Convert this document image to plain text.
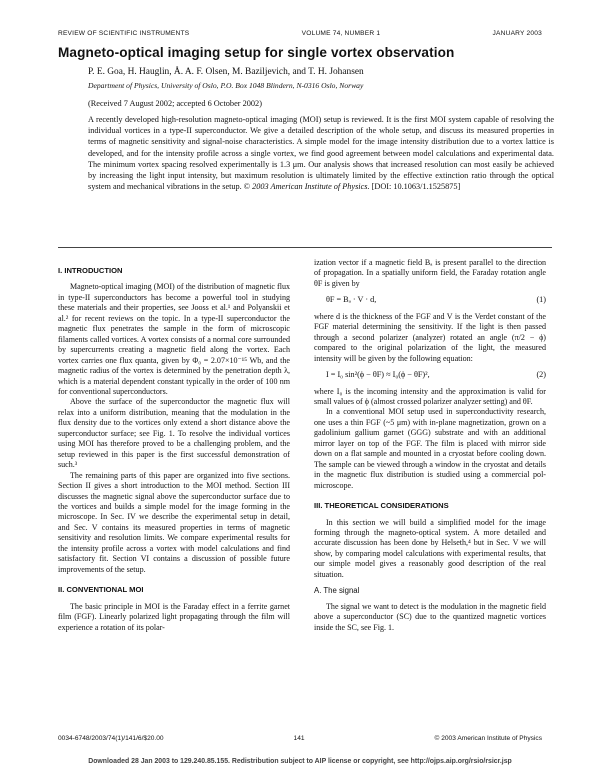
REVIEW OF SCIENTIFIC INSTRUMENTS	VOLUME 74, NUMBER 1	JANUARY 2003
Magneto-optical imaging setup for single vortex observation
P. E. Goa, H. Hauglin, Å. A. F. Olsen, M. Baziljevich, and T. H. Johansen
Department of Physics, University of Oslo, P.O. Box 1048 Blindern, N-0316 Oslo, Norway
(Received 7 August 2002; accepted 6 October 2002)
A recently developed high-resolution magneto-optical imaging (MOI) setup is reviewed. It is the first MOI system capable of resolving the individual vortices in a type-II superconductor. We give a detailed description of the whole setup, and discuss its measured properties in terms of magnetic sensitivity and signal-noise characteristics. A simple model for the image intensity distribution due to a vortex lattice is developed, and for the intensity profile across a single vortex, we find good agreement between model calculations and experimental data. The minimum vortex spacing resolved experimentally is 1.3 μm. Our analysis shows that increased resolution can most easily be achieved by increasing the light input intensity, but maximum resolution is ultimately limited by the effective extinction ratio through the optical system and mechanical vibrations in the setup. © 2003 American Institute of Physics. [DOI: 10.1063/1.1525875]
I. INTRODUCTION

Magneto-optical imaging (MOI) of the distribution of magnetic flux in type-II superconductors has become a powerful tool in studying these materials and their properties, see Jooss et al.¹ and Polyanskii et al.² for recent reviews on the topic. In a type-II superconductor the magnetic flux penetrates the sample in the form of microscopic filaments called vortices. A vortex consists of a normal core surrounded by supercurrents creating a magnetic field along the vortex. Each vortex carries one flux quanta, given by Φ₀ = 2.07×10⁻¹⁵ Wb, and the magnetic radius of the vortex is determined by the penetration depth λ, which is a material dependent constant typically in the order of 100 nm for conventional superconductors.

Above the surface of the superconductor the magnetic flux will relax into a uniform distribution, meaning that the modulation in the flux density due to the vortices only extend a short distance above the superconductor surface; see Fig. 1. To resolve the individual vortices using MOI has therefore proved to be a challenging problem, and the setup reviewed in this paper is the first successful demonstration of such.³

The remaining parts of this paper are organized into five sections. Section II gives a short introduction to the MOI method. Section III discusses the magnetic signal above the superconductor surface due to the vortices and builds a simple model for the image forming in the microscope. In Sec. IV we describe the experimental setup in detail, and Sec. V contains its measured properties in terms of magnetic sensitivity and resolution limits. We compare experimental results for the intensity profile across a vortex with model calculations and find satisfactory fit. Section VI contains a discussion of possible future improvements of the setup.

II. CONVENTIONAL MOI

The basic principle in MOI is the Faraday effect in a ferrite garnet film (FGF). Linearly polarized light propagating through the film will experience a rotation of its polar-

ization vector if a magnetic field Bₐ is present parallel to the direction of propagation. In a spatially uniform field, the Faraday rotation angle θF is given by

θF = Bₐ · V · d,	(1)

where d is the thickness of the FGF and V is the Verdet constant of the FGF material determining the sensitivity. If the light is then passed through a second polarizer (analyzer) rotated an angle (π/2 − ϕ) compared to the original polarization of the light, the measured intensity will be given by the following equation:

I = I₀ sin²(ϕ − θF) ≈ I₀(ϕ − θF)²,	(2)

where I₀ is the incoming intensity and the approximation is valid for small values of ϕ (almost crossed polarizer analyzer setting) and θF.

In a conventional MOI setup used in superconductivity research, one uses a thin FGF (~5 μm) with in-plane magnetization, grown on a gadolinium gallium garnet (GGG) substrate and with an additional mirror layer on top of the FGF. The film is placed with mirror side down on a flat sample and mounted in a cryostat before cooling down. The sample can be viewed through a window in the cryostat and details in the magnetic flux distribution is studied using a commercial pol-microscope.

III. THEORETICAL CONSIDERATIONS

In this section we will build a simplified model for the image forming through the magneto-optical system. A more detailed and accurate discussion has been done by Helseth,⁴ but in Sec. V we will show, by comparing model calculations with experimental results, that our simple model gives a reasonably good description of the real situation.

A. The signal

The signal we want to detect is the modulation in the magnetic field above a superconductor (SC) due to the quantized magnetic vortices inside the SC, see Fig. 1.

0034-6748/2003/74(1)/141/6/$20.00	141	© 2003 American Institute of Physics
Downloaded 28 Jan 2003 to 129.240.85.155. Redistribution subject to AIP license or copyright, see http://ojps.aip.org/rsio/rsicr.jsp
